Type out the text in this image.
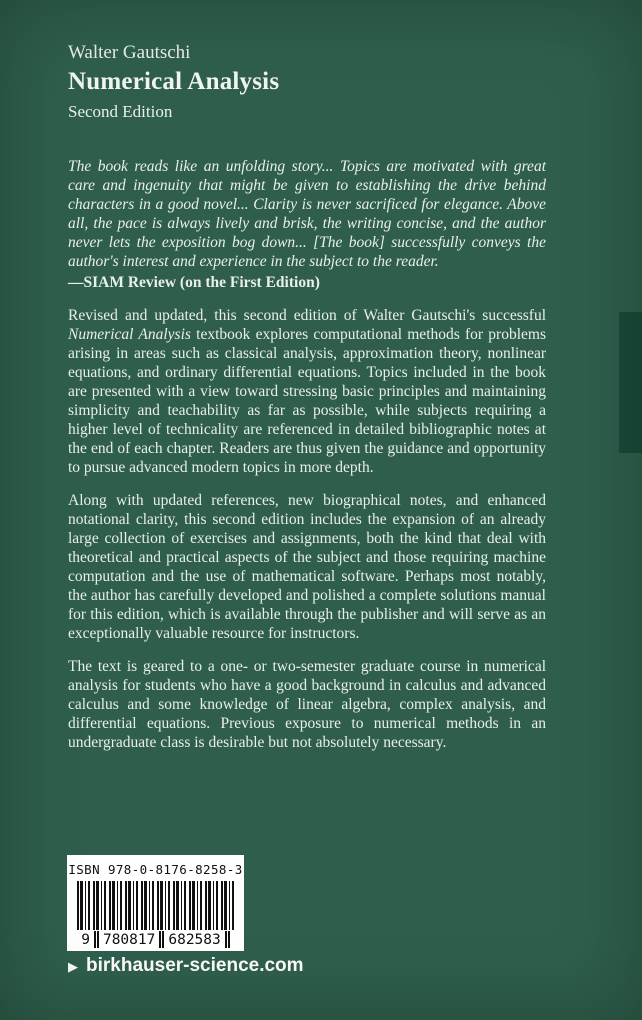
Walter Gautschi
Numerical Analysis
Second Edition
The book reads like an unfolding story... Topics are motivated with great care and ingenuity that might be given to establishing the drive behind characters in a good novel... Clarity is never sacrificed for elegance. Above all, the pace is always lively and brisk, the writing concise, and the author never lets the exposition bog down... [The book] successfully conveys the author's interest and experience in the subject to the reader.
—SIAM Review (on the First Edition)
Revised and updated, this second edition of Walter Gautschi's successful Numerical Analysis textbook explores computational methods for problems arising in areas such as classical analysis, approximation theory, nonlinear equations, and ordinary differential equations. Topics included in the book are presented with a view toward stressing basic principles and maintaining simplicity and teachability as far as possible, while subjects requiring a higher level of technicality are referenced in detailed bibliographic notes at the end of each chapter. Readers are thus given the guidance and opportunity to pursue advanced modern topics in more depth.
Along with updated references, new biographical notes, and enhanced notational clarity, this second edition includes the expansion of an already large collection of exercises and assignments, both the kind that deal with theoretical and practical aspects of the subject and those requiring machine computation and the use of mathematical software. Perhaps most notably, the author has carefully developed and polished a complete solutions manual for this edition, which is available through the publisher and will serve as an exceptionally valuable resource for instructors.
The text is geared to a one- or two-semester graduate course in numerical analysis for students who have a good background in calculus and advanced calculus and some knowledge of linear algebra, complex analysis, and differential equations. Previous exposure to numerical methods in an undergraduate class is desirable but not absolutely necessary.
ISBN 978-0-8176-8258-3
9 780817 682583
▶ birkhauser-science.com
